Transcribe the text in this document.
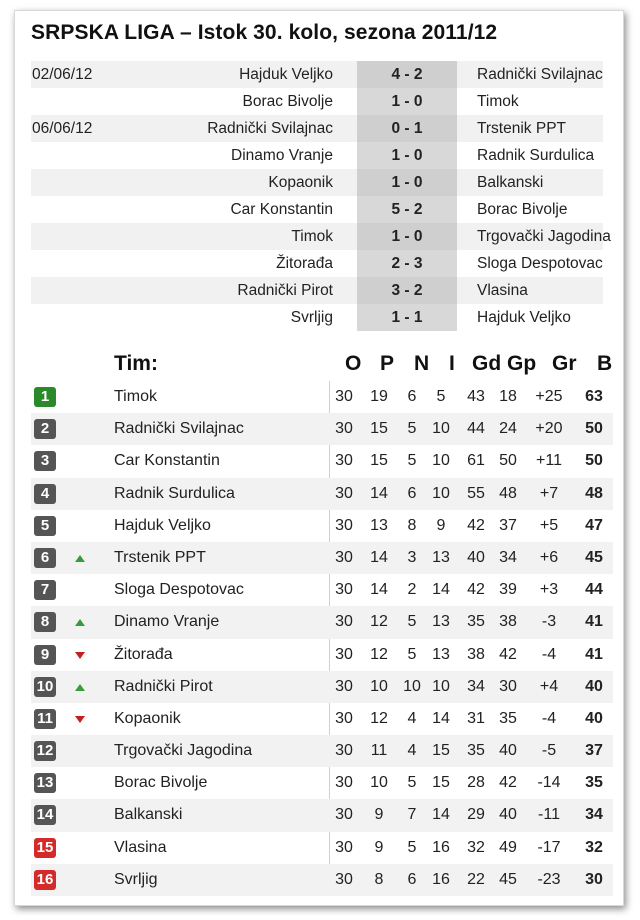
SRPSKA LIGA – Istok 30. kolo, sezona 2011/12
02/06/12	Hajduk Veljko	4 - 2	Radnički Svilajnac
Borac Bivolje	1 - 0	Timok
06/06/12	Radnički Svilajnac	0 - 1	Trstenik PPT
Dinamo Vranje	1 - 0	Radnik Surdulica
Kopaonik	1 - 0	Balkanski
Car Konstantin	5 - 2	Borac Bivolje
Timok	1 - 0	Trgovački Jagodina
Žitorađa	2 - 3	Sloga Despotovac
Radnički Pirot	3 - 2	Vlasina
Svrljig	1 - 1	Hajduk Veljko
Tim:	O P N I Gd Gp Gr B
1	Timok	30	19	6	5	43 18	+25	63
2	Radnički Svilajnac	30	15	5 10	44 24	+20	50
3	Car Konstantin	30	15	5 10	61 50	+11	50
4	Radnik Surdulica	30	14	6 10	55 48	+7	48
5	Hajduk Veljko	30	13	8	9	42 37	+5	47
6	Trstenik PPT	30	14	3 13	40 34	+6	45
7	Sloga Despotovac	30	14	2 14	42 39	+3	44
8	Dinamo Vranje	30	12	5 13	35 38	-3	41
9	Žitorađa	30	12	5 13	38 42	-4	41
10	Radnički Pirot	30	10 10 10	34 30	+4	40
11	Kopaonik	30	12	4 14	31 35	-4	40
12	Trgovački Jagodina	30	11	4 15	35 40	-5	37
13	Borac Bivolje	30	10	5 15	28 42	-14	35
14	Balkanski	30	9	7 14	29 40	-11	34
15	Vlasina	30	9	5 16	32 49	-17	32
16	Svrljig	30	8	6 16	22 45	-23	30
